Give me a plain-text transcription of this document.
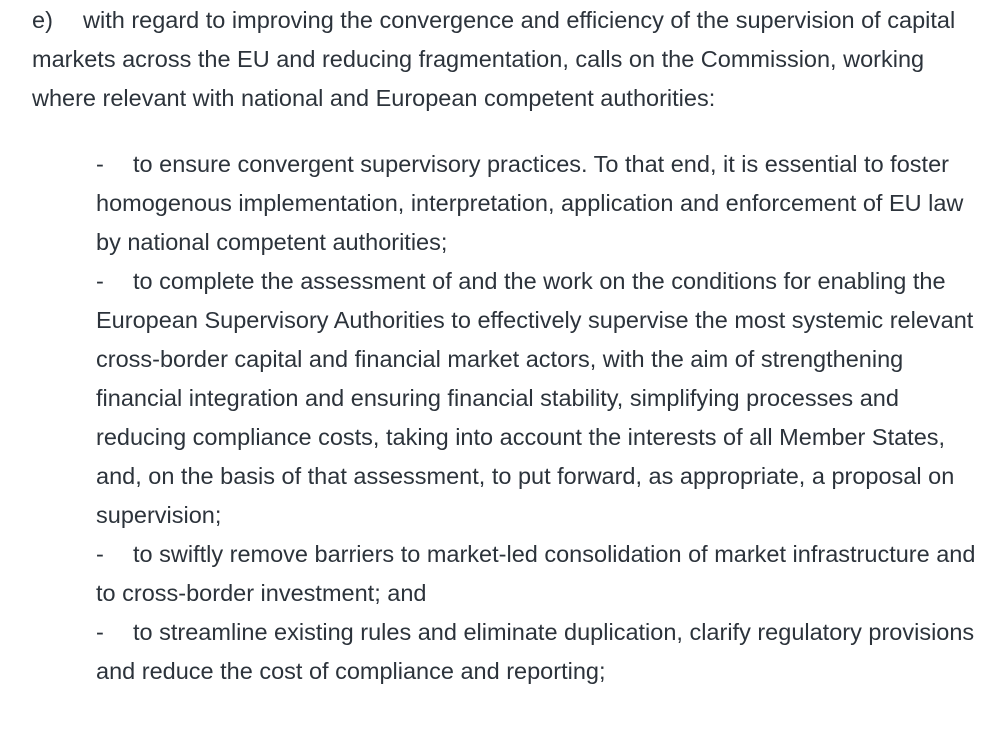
e) with regard to improving the convergence and efficiency of the supervision of capital markets across the EU and reducing fragmentation, calls on the Commission, working where relevant with national and European competent authorities:

- to ensure convergent supervisory practices. To that end, it is essential to foster homogenous implementation, interpretation, application and enforcement of EU law by national competent authorities;
- to complete the assessment of and the work on the conditions for enabling the European Supervisory Authorities to effectively supervise the most systemic relevant cross-border capital and financial market actors, with the aim of strengthening financial integration and ensuring financial stability, simplifying processes and reducing compliance costs, taking into account the interests of all Member States, and, on the basis of that assessment, to put forward, as appropriate, a proposal on supervision;
- to swiftly remove barriers to market-led consolidation of market infrastructure and to cross-border investment; and
- to streamline existing rules and eliminate duplication, clarify regulatory provisions and reduce the cost of compliance and reporting;
